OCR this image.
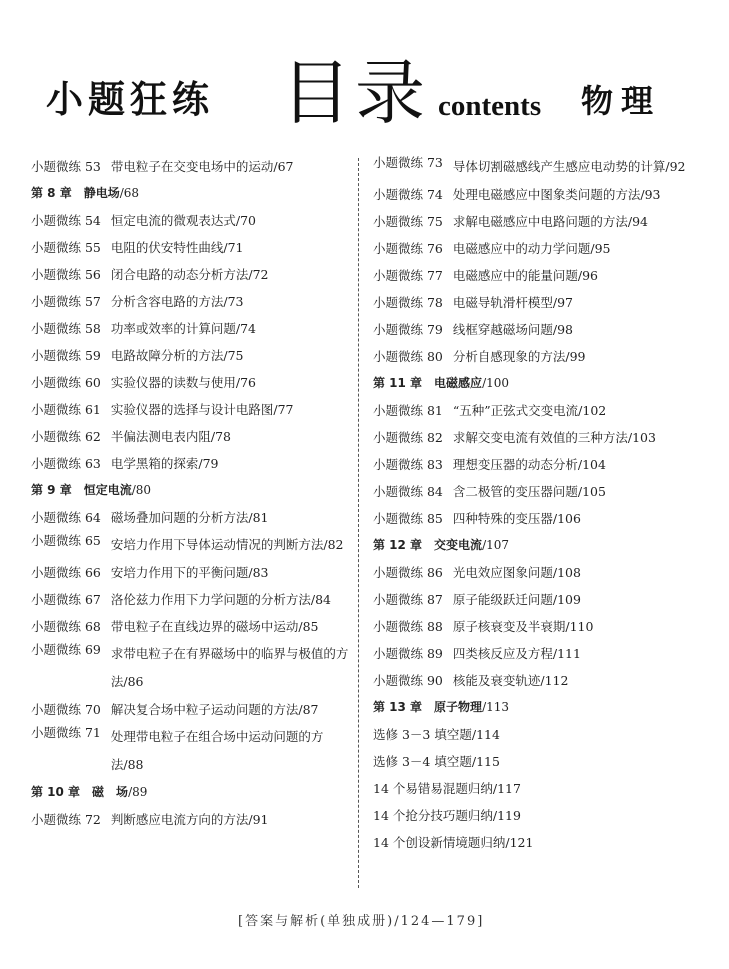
小题狂练 目录 contents 物理
小题微练 53 带电粒子在交变电场中的运动/67
第 8 章　静电场/68
小题微练 54 恒定电流的微观表达式/70
小题微练 55 电阻的伏安特性曲线/71
小题微练 56 闭合电路的动态分析方法/72
小题微练 57 分析含容电路的方法/73
小题微练 58 功率或效率的计算问题/74
小题微练 59 电路故障分析的方法/75
小题微练 60 实验仪器的读数与使用/76
小题微练 61 实验仪器的选择与设计电路图/77
小题微练 62 半偏法测电表内阻/78
小题微练 63 电学黑箱的探索/79
第 9 章　恒定电流/80
小题微练 64 磁场叠加问题的分析方法/81
小题微练 65 安培力作用下导体运动情况的判断方法/82
小题微练 66 安培力作用下的平衡问题/83
小题微练 67 洛伦兹力作用下力学问题的分析方法/84
小题微练 68 带电粒子在直线边界的磁场中运动/85
小题微练 69 求带电粒子在有界磁场中的临界与极值的方法/86
小题微练 70 解决复合场中粒子运动问题的方法/87
小题微练 71 处理带电粒子在组合场中运动问题的方法/88
第 10 章　磁　场/89
小题微练 72 判断感应电流方向的方法/91
小题微练 73 导体切割磁感线产生感应电动势的计算/92
小题微练 74 处理电磁感应中图象类问题的方法/93
小题微练 75 求解电磁感应中电路问题的方法/94
小题微练 76 电磁感应中的动力学问题/95
小题微练 77 电磁感应中的能量问题/96
小题微练 78 电磁导轨滑杆模型/97
小题微练 79 线框穿越磁场问题/98
小题微练 80 分析自感现象的方法/99
第 11 章　电磁感应/100
小题微练 81 “五种”正弦式交变电流/102
小题微练 82 求解交变电流有效值的三种方法/103
小题微练 83 理想变压器的动态分析/104
小题微练 84 含二极管的变压器问题/105
小题微练 85 四种特殊的变压器/106
第 12 章　交变电流/107
小题微练 86 光电效应图象问题/108
小题微练 87 原子能级跃迁问题/109
小题微练 88 原子核衰变及半衰期/110
小题微练 89 四类核反应及方程/111
小题微练 90 核能及衰变轨迹/112
第 13 章　原子物理/113
选修 3－3 填空题/114
选修 3－4 填空题/115
14 个易错易混题归纳/117
14 个抢分技巧题归纳/119
14 个创设新情境题归纳/121
[答案与解析(单独成册)/124—179]
